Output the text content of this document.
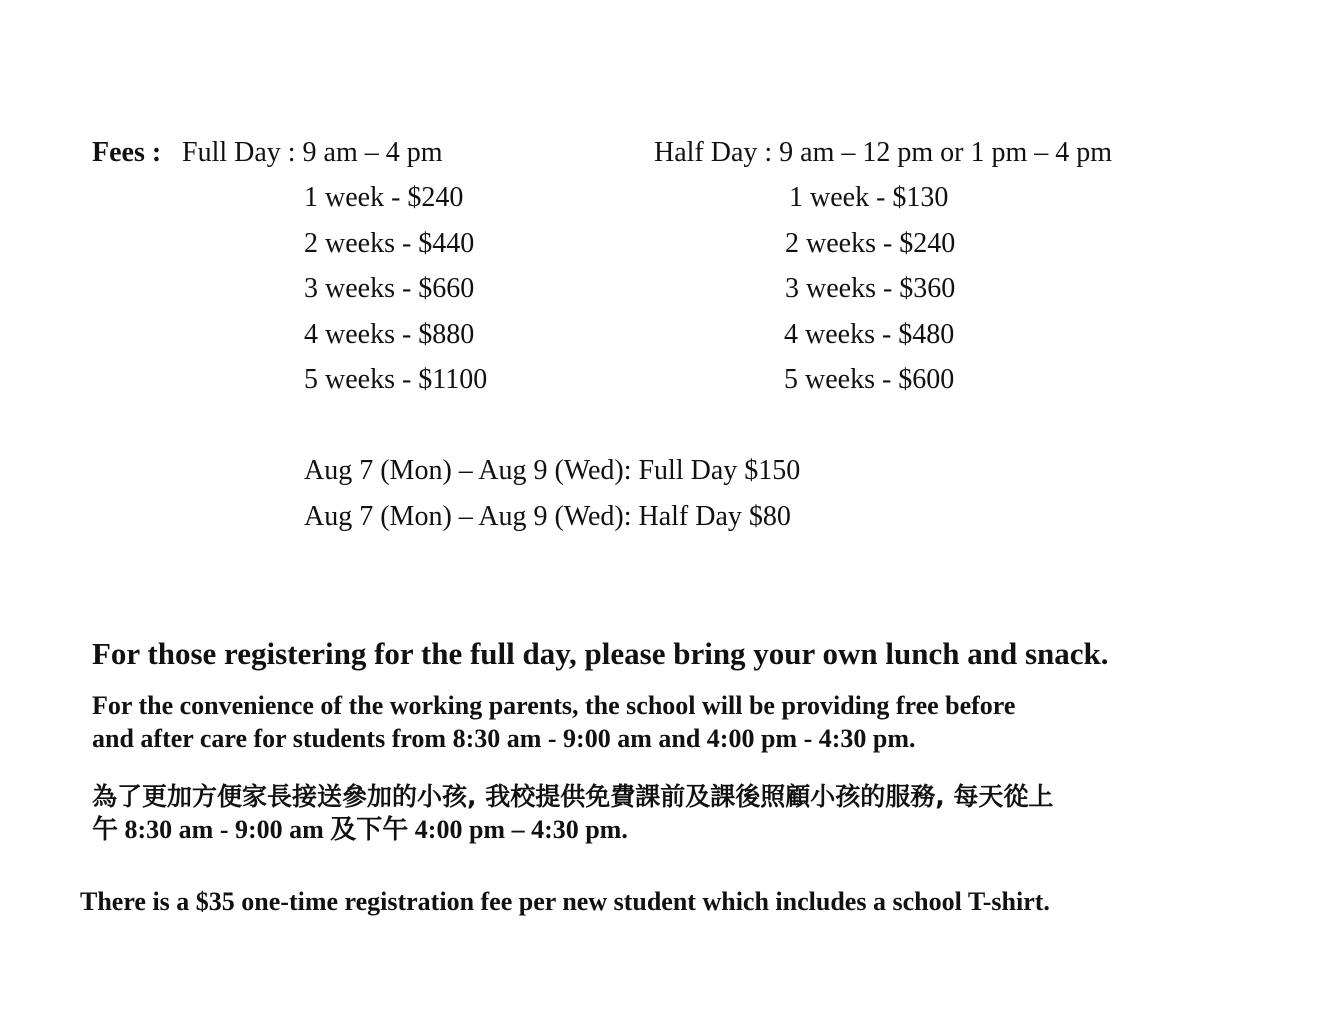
Fees : Full Day : 9 am – 4 pm	Half Day : 9 am – 12 pm or 1 pm – 4 pm
1 week - $240
2 weeks - $440
3 weeks - $660
4 weeks - $880
5 weeks - $1100
1 week - $130
2 weeks - $240
3 weeks - $360
4 weeks - $480
5 weeks - $600
Aug 7 (Mon) – Aug 9 (Wed): Full Day $150
Aug 7 (Mon) – Aug 9 (Wed): Half Day $80
For those registering for the full day, please bring your own lunch and snack.
For the convenience of the working parents, the school will be providing free before
and after care for students from 8:30 am - 9:00 am and 4:00 pm - 4:30 pm.
為了更加方便家長接送參加的小孩, 我校提供免費課前及課後照顧小孩的服務, 每天從上
午 8:30 am - 9:00 am 及下午 4:00 pm – 4:30 pm.
There is a $35 one-time registration fee per new student which includes a school T-shirt.
